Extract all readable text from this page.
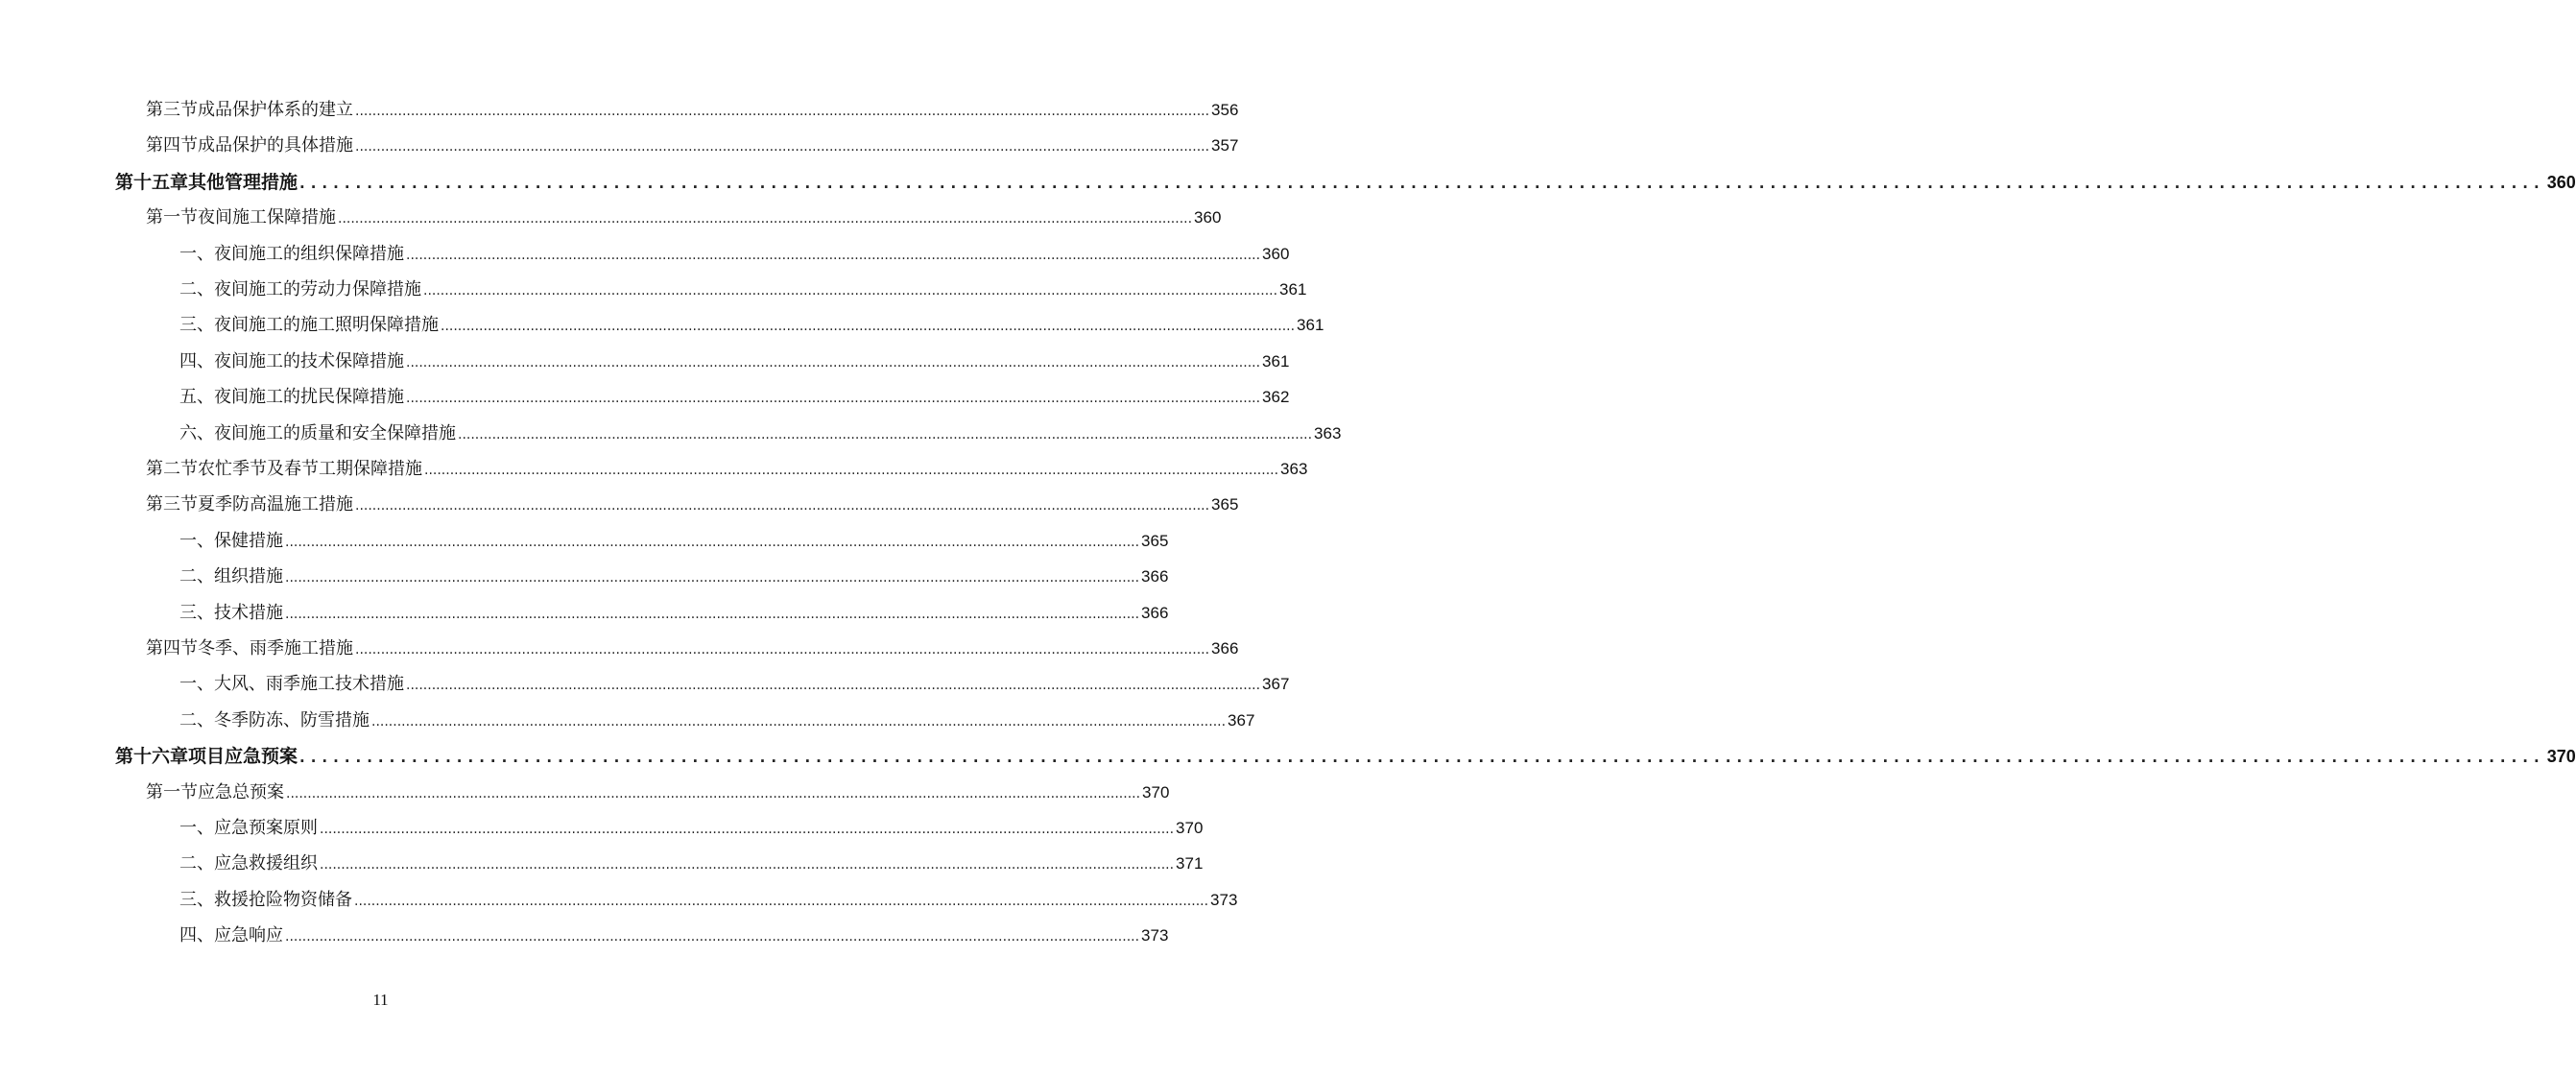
第三节 成品保护体系的建立 ........................................................................................................................................................................................................ 356
第四节 成品保护的具体措施 ........................................................................................................................................................................................................ 357
第十五章 其他管理措施 ........................................................................................................................................................................................................ 360
第一节 夜间施工保障措施 ........................................................................................................................................................................................................ 360
一、 夜间施工的组织保障措施 ........................................................................................................................................................................................................ 360
二、 夜间施工的劳动力保障措施 ........................................................................................................................................................................................................ 361
三、 夜间施工的施工照明保障措施 ........................................................................................................................................................................................................ 361
四、 夜间施工的技术保障措施 ........................................................................................................................................................................................................ 361
五、 夜间施工的扰民保障措施 ........................................................................................................................................................................................................ 362
六、 夜间施工的质量和安全保障措施 ........................................................................................................................................................................................................ 363
第二节 农忙季节及春节工期保障措施 ........................................................................................................................................................................................................ 363
第三节 夏季防高温施工措施 ........................................................................................................................................................................................................ 365
一、 保健措施 ........................................................................................................................................................................................................ 365
二、 组织措施 ........................................................................................................................................................................................................ 366
三、 技术措施 ........................................................................................................................................................................................................ 366
第四节 冬季、雨季施工措施 ........................................................................................................................................................................................................ 366
一、 大风、雨季施工技术措施 ........................................................................................................................................................................................................ 367
二、 冬季防冻、防雪措施 ........................................................................................................................................................................................................ 367
第十六章 项目应急预案 ........................................................................................................................................................................................................ 370
第一节 应急总预案 ........................................................................................................................................................................................................ 370
一、 应急预案原则 ........................................................................................................................................................................................................ 370
二、 应急救援组织 ........................................................................................................................................................................................................ 371
三、 救援抢险物资储备 ........................................................................................................................................................................................................ 373
四、 应急响应 ........................................................................................................................................................................................................ 373
11
